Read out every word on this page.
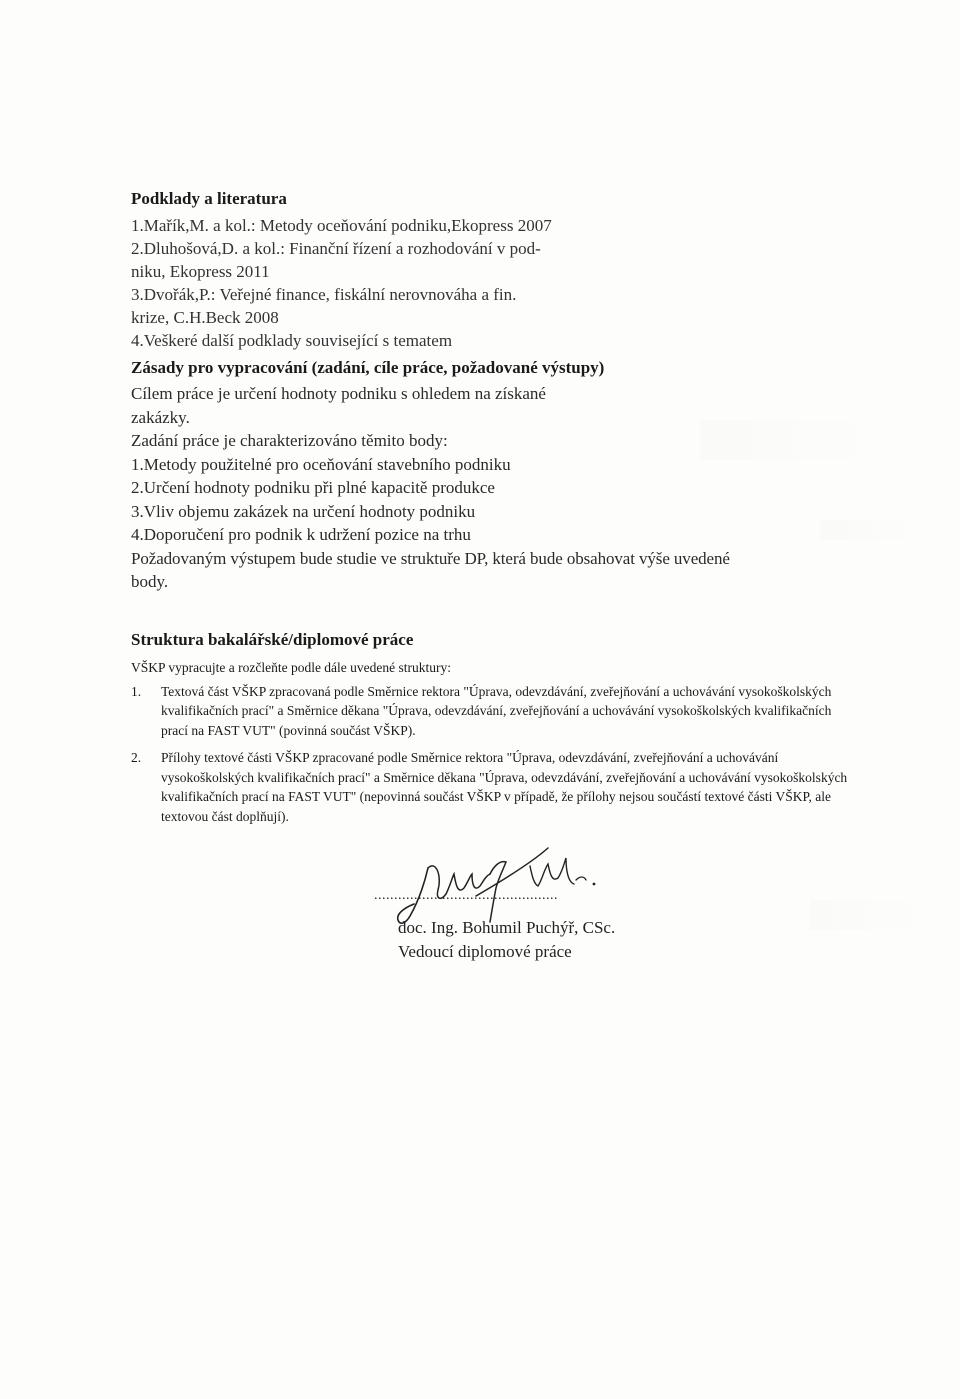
Podklady a literatura
1.Mařík,M. a kol.: Metody oceňování podniku,Ekopress 2007
2.Dluhošová,D. a kol.: Finanční řízení a rozhodování v pod-
niku, Ekopress 2011
3.Dvořák,P.: Veřejné finance, fiskální nerovnováha a fin.
krize, C.H.Beck 2008
4.Veškeré další podklady související s tematem
Zásady pro vypracování (zadání, cíle práce, požadované výstupy)
Cílem práce je určení hodnoty podniku s ohledem na získané
zakázky.
Zadání práce je charakterizováno těmito body:
1.Metody použitelné pro oceňování stavebního podniku
2.Určení hodnoty podniku při plné kapacitě produkce
3.Vliv objemu zakázek na určení hodnoty podniku
4.Doporučení pro podnik k udržení pozice na trhu
Požadovaným výstupem bude studie ve struktuře DP, která bude obsahovat výše uvedené
body.
Struktura bakalářské/diplomové práce
VŠKP vypracujte a rozčleňte podle dále uvedené struktury:
1. Textová část VŠKP zpracovaná podle Směrnice rektora "Úprava, odevzdávání, zveřejňování a uchovávání vysokoškolských kvalifikačních prací" a Směrnice děkana "Úprava, odevzdávání, zveřejňování a uchovávání vysokoškolských kvalifikačních prací na FAST VUT" (povinná součást VŠKP).
2. Přílohy textové části VŠKP zpracované podle Směrnice rektora "Úprava, odevzdávání, zveřejňování a uchovávání vysokoškolských kvalifikačních prací" a Směrnice děkana "Úprava, odevzdávání, zveřejňování a uchovávání vysokoškolských kvalifikačních prací na FAST VUT" (nepovinná součást VŠKP v případě, že přílohy nejsou součástí textové části VŠKP, ale textovou část doplňují).
..............................................
doc. Ing. Bohumil Puchýř, CSc.
Vedoucí diplomové práce
